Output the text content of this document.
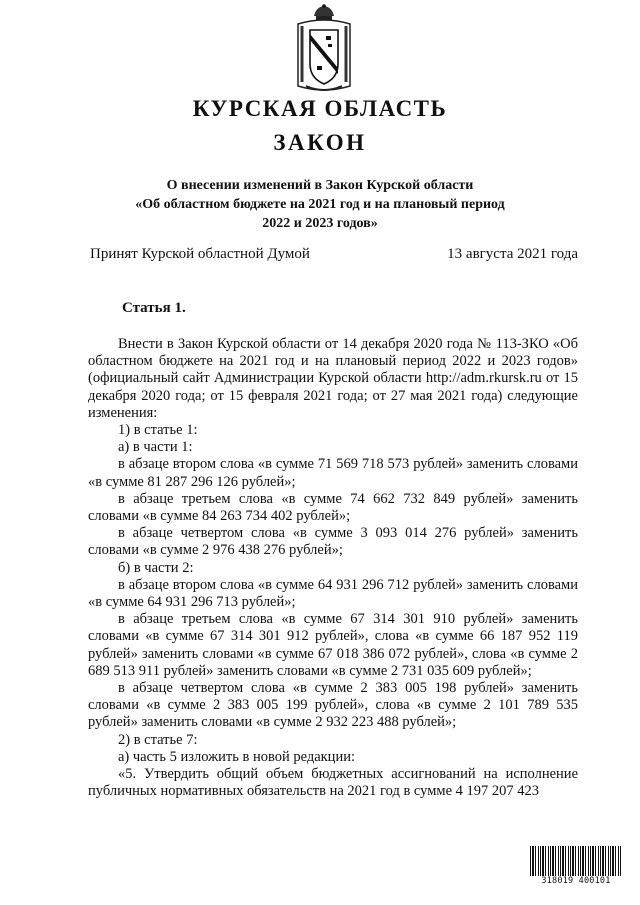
КУРСКАЯ ОБЛАСТЬ
ЗАКОН
О внесении изменений в Закон Курской области
«Об областном бюджете на 2021 год и на плановый период
2022 и 2023 годов»
Принят Курской областной Думой	13 августа 2021 года
Статья 1.

Внести в Закон Курской области от 14 декабря 2020 года № 113-ЗКО «Об областном бюджете на 2021 год и на плановый период 2022 и 2023 годов» (официальный сайт Администрации Курской области http://adm.rkursk.ru от 15 декабря 2020 года; от 15 февраля 2021 года; от 27 мая 2021 года) следующие изменения:

1) в статье 1:

а) в части 1:

в абзаце втором слова «в сумме 71 569 718 573 рублей» заменить словами «в сумме 81 287 296 126 рублей»;

в абзаце третьем слова «в сумме 74 662 732 849 рублей» заменить словами «в сумме 84 263 734 402 рублей»;

в абзаце четвертом слова «в сумме 3 093 014 276 рублей» заменить словами «в сумме 2 976 438 276 рублей»;

б) в части 2:

в абзаце втором слова «в сумме 64 931 296 712 рублей» заменить словами «в сумме 64 931 296 713 рублей»;

в абзаце третьем слова «в сумме 67 314 301 910 рублей» заменить словами «в сумме 67 314 301 912 рублей», слова «в сумме 66 187 952 119 рублей» заменить словами «в сумме 67 018 386 072 рублей», слова «в сумме 2 689 513 911 рублей» заменить словами «в сумме 2 731 035 609 рублей»;

в абзаце четвертом слова «в сумме 2 383 005 198 рублей» заменить словами «в сумме 2 383 005 199 рублей», слова «в сумме 2 101 789 535 рублей» заменить словами «в сумме 2 932 223 488 рублей»;

2) в статье 7:

а) часть 5 изложить в новой редакции:

«5. Утвердить общий объем бюджетных ассигнований на исполнение публичных нормативных обязательств на 2021 год в сумме 4 197 207 423

318019 400101
